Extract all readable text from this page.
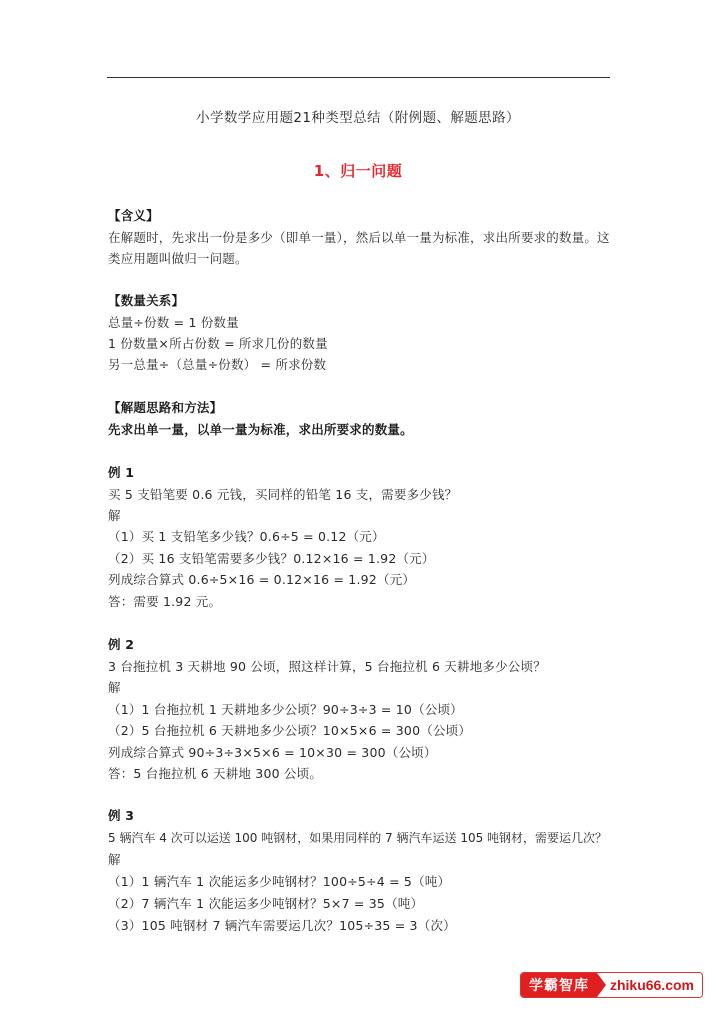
小学数学应用题21种类型总结（附例题、解题思路）
1、归一问题
【含义】
在解题时，先求出一份是多少（即单一量），然后以单一量为标准，求出所要求的数量。这
类应用题叫做归一问题。
【数量关系】
总量÷份数 = 1 份数量
1 份数量×所占份数 = 所求几份的数量
另一总量÷（总量÷份数） = 所求份数
【解题思路和方法】
先求出单一量，以单一量为标准，求出所要求的数量。
例 1
买 5 支铅笔要 0.6 元钱，买同样的铅笔 16 支，需要多少钱？
解
（1）买 1 支铅笔多少钱？0.6÷5 = 0.12（元）
（2）买 16 支铅笔需要多少钱？0.12×16 = 1.92（元）
列成综合算式 0.6÷5×16 = 0.12×16 = 1.92（元）
答：需要 1.92 元。
例 2
3 台拖拉机 3 天耕地 90 公顷，照这样计算，5 台拖拉机 6 天耕地多少公顷？
解
（1）1 台拖拉机 1 天耕地多少公顷？90÷3÷3 = 10（公顷）
（2）5 台拖拉机 6 天耕地多少公顷？10×5×6 = 300（公顷）
列成综合算式 90÷3÷3×5×6 = 10×30 = 300（公顷）
答：5 台拖拉机 6 天耕地 300 公顷。
例 3
5 辆汽车 4 次可以运送 100 吨钢材，如果用同样的 7 辆汽车运送 105 吨钢材，需要运几次？
解
（1）1 辆汽车 1 次能运多少吨钢材？100÷5÷4 = 5（吨）
（2）7 辆汽车 1 次能运多少吨钢材？5×7 = 35（吨）
（3）105 吨钢材 7 辆汽车需要运几次？105÷35 = 3（次）
学霸智库	zhiku66.com
